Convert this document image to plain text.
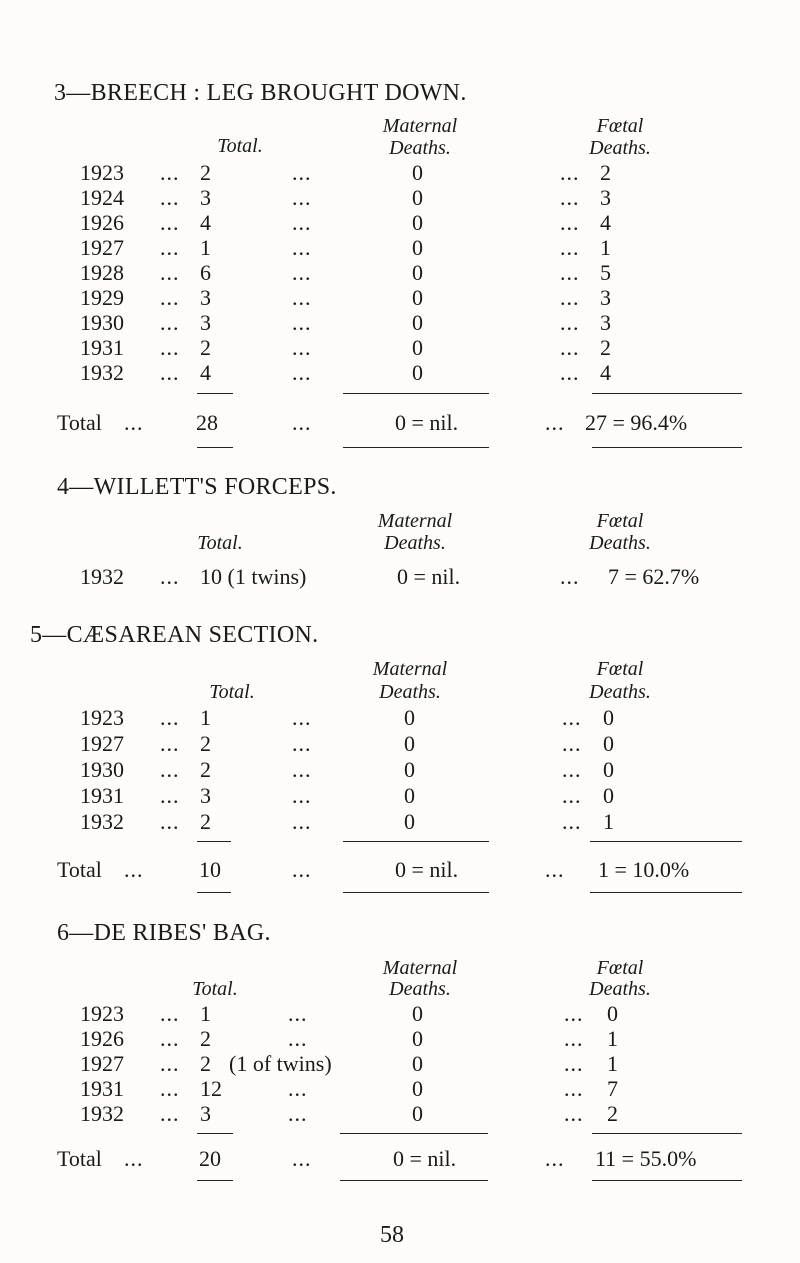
3—BREECH : LEG BROUGHT DOWN.
Total.
Maternal
Deaths.
Fœtal
Deaths.
1923 ... 2	...	0	... 2
1924 ... 3	...	0	... 3
1926 ... 4	...	0	... 4
1927 ... 1	...	0	... 1
1928 ... 6	...	0	... 5
1929 ... 3	...	0	... 3
1930 ... 3	...	0	... 3
1931 ... 2	...	0	... 2
1932 ... 4	...	0	... 4
Total ... 28	...	0 = nil.	... 27 = 96.4%
4—WILLETT'S FORCEPS.
Total.
Maternal
Deaths.
Fœtal
Deaths.
1932 ... 10 (1 twins)	0 = nil.	... 7 = 62.7%
5—CÆSAREAN SECTION.
Total.
Maternal
Deaths.
Fœtal
Deaths.
1923 ... 1	...	0	... 0
1927 ... 2	...	0	... 0
1930 ... 2	...	0	... 0
1931 ... 3	...	0	... 0
1932 ... 2	...	0	... 1
Total ...	10	...	0 = nil.	... 1 = 10.0%
6—DE RIBES' BAG.
Total.
Maternal
Deaths.
Fœtal
Deaths.
1923 ... 1	...	0	... 0
1926 ... 2	...	0	... 1
1927 ... 2 (1 of twins)	0	... 1
1931 ... 12	...	0	... 7
1932 ... 3	...	0	... 2
Total ...	20	...	0 = nil.	... 11 = 55.0%
58
